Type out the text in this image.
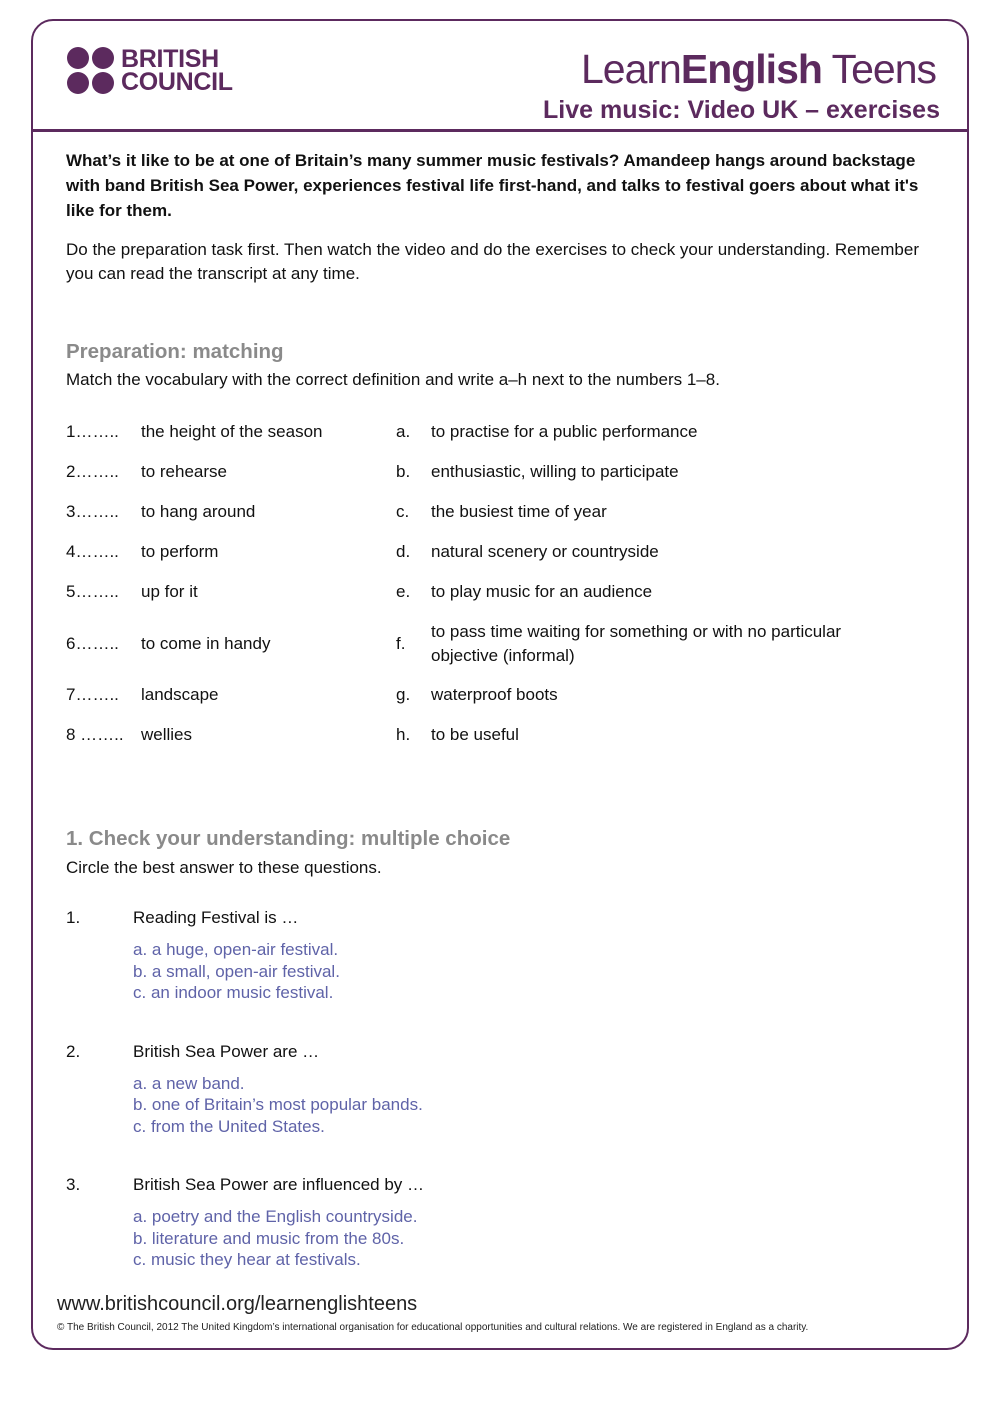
BRITISH
COUNCIL	LearnEnglish Teens
Live music: Video UK – exercises

What’s it like to be at one of Britain’s many summer music festivals? Amandeep hangs around backstage with band British Sea Power, experiences festival life first-hand, and talks to festival goers about what it's like for them.

Do the preparation task first. Then watch the video and do the exercises to check your understanding. Remember you can read the transcript at any time.

Preparation: matching

Match the vocabulary with the correct definition and write a–h next to the numbers 1–8.

1……..	the height of the season	a.	to practise for a public performance
2……..	to rehearse	b.	enthusiastic, willing to participate
3……..	to hang around	c.	the busiest time of year
4……..	to perform	d.	natural scenery or countryside
5……..	up for it	e.	to play music for an audience
6……..	to come in handy	f.	to pass time waiting for something or with no particular objective (informal)
7……..	landscape	g.	waterproof boots
8 ……..	wellies	h.	to be useful
1. Check your understanding: multiple choice

Circle the best answer to these questions.

1.	Reading Festival is …
a. a huge, open-air festival.
b. a small, open-air festival.
c. an indoor music festival.
2.	British Sea Power are …
a. a new band.
b. one of Britain’s most popular bands.
c. from the United States.
3.	British Sea Power are influenced by …
a. poetry and the English countryside.
b. literature and music from the 80s.
c. music they hear at festivals.
www.britishcouncil.org/learnenglishteens
© The British Council, 2012 The United Kingdom’s international organisation for educational opportunities and cultural relations. We are registered in England as a charity.
